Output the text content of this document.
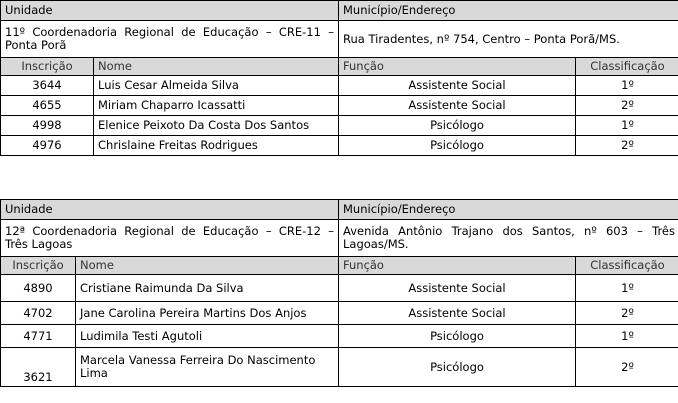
Unidade		Município/Endereço	
11º Coordenadoria Regional de Educação – CRE-11 – Ponta Porã		Rua Tiradentes, nº 754, Centro – Ponta Porã/MS.	
Inscrição	Nome	Função	Classificação
3644	Luis Cesar Almeida Silva	Assistente Social	1º
4655	Miriam Chaparro Icassatti	Assistente Social	2º
4998	Elenice Peixoto Da Costa Dos Santos	Psicólogo	1º
4976	Chrislaine Freitas Rodrigues	Psicólogo	2º
Unidade		Município/Endereço	
12ª Coordenadoria Regional de Educação – CRE-12 – Três Lagoas		Avenida Antônio Trajano dos Santos, nº 603 – Três Lagoas/MS.	
Inscrição	Nome	Função	Classificação
4890	Cristiane Raimunda Da Silva	Assistente Social	1º
4702	Jane Carolina Pereira Martins Dos Anjos	Assistente Social	2º
4771	Ludimila Testi Agutoli	Psicólogo	1º
3621	Marcela Vanessa Ferreira Do Nascimento Lima	Psicólogo	2º
